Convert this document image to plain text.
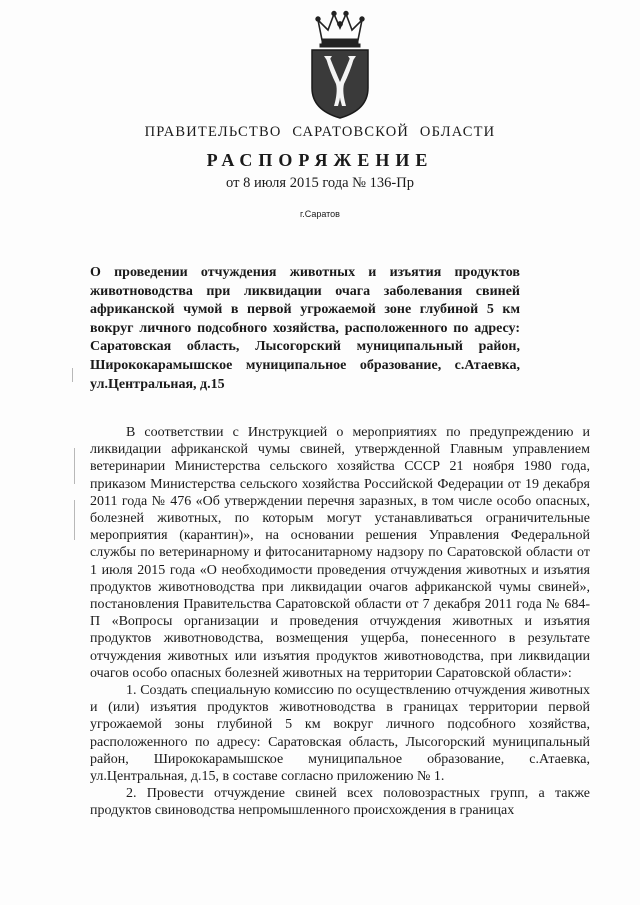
ПРАВИТЕЛЬСТВО САРАТОВСКОЙ ОБЛАСТИ
РАСПОРЯЖЕНИЕ
от 8 июля 2015 года № 136-Пр
г.Саратов
О проведении отчуждения животных и изъятия продуктов животноводства при ликвидации очага заболевания свиней африканской чумой в первой угрожаемой зоне глубиной 5 км вокруг личного подсобного хозяйства, расположенного по адресу: Саратовская область, Лысогорский муниципальный район, Ширококарамышское муниципальное образование, с.Атаевка, ул.Центральная, д.15

В соответствии с Инструкцией о мероприятиях по предупреждению и ликвидации африканской чумы свиней, утвержденной Главным управлением ветеринарии Министерства сельского хозяйства СССР 21 ноября 1980 года, приказом Министерства сельского хозяйства Российской Федерации от 19 декабря 2011 года № 476 «Об утверждении перечня заразных, в том числе особо опасных, болезней животных, по которым могут устанавливаться ограничительные мероприятия (карантин)», на основании решения Управления Федеральной службы по ветеринарному и фитосанитарному надзору по Саратовской области от 1 июля 2015 года «О необходимости проведения отчуждения животных и изъятия продуктов животноводства при ликвидации очагов африканской чумы свиней», постановления Правительства Саратовской области от 7 декабря 2011 года № 684-П «Вопросы организации и проведения отчуждения животных и изъятия продуктов животноводства, возмещения ущерба, понесенного в результате отчуждения животных или изъятия продуктов животноводства, при ликвидации очагов особо опасных болезней животных на территории Саратовской области»:

1. Создать специальную комиссию по осуществлению отчуждения животных и (или) изъятия продуктов животноводства в границах территории первой угрожаемой зоны глубиной 5 км вокруг личного подсобного хозяйства, расположенного по адресу: Саратовская область, Лысогорский муниципальный район, Ширококарамышское муниципальное образование, с.Атаевка, ул.Центральная, д.15, в составе согласно приложению № 1.

2. Провести отчуждение свиней всех половозрастных групп, а также продуктов свиноводства непромышленного происхождения в границах
